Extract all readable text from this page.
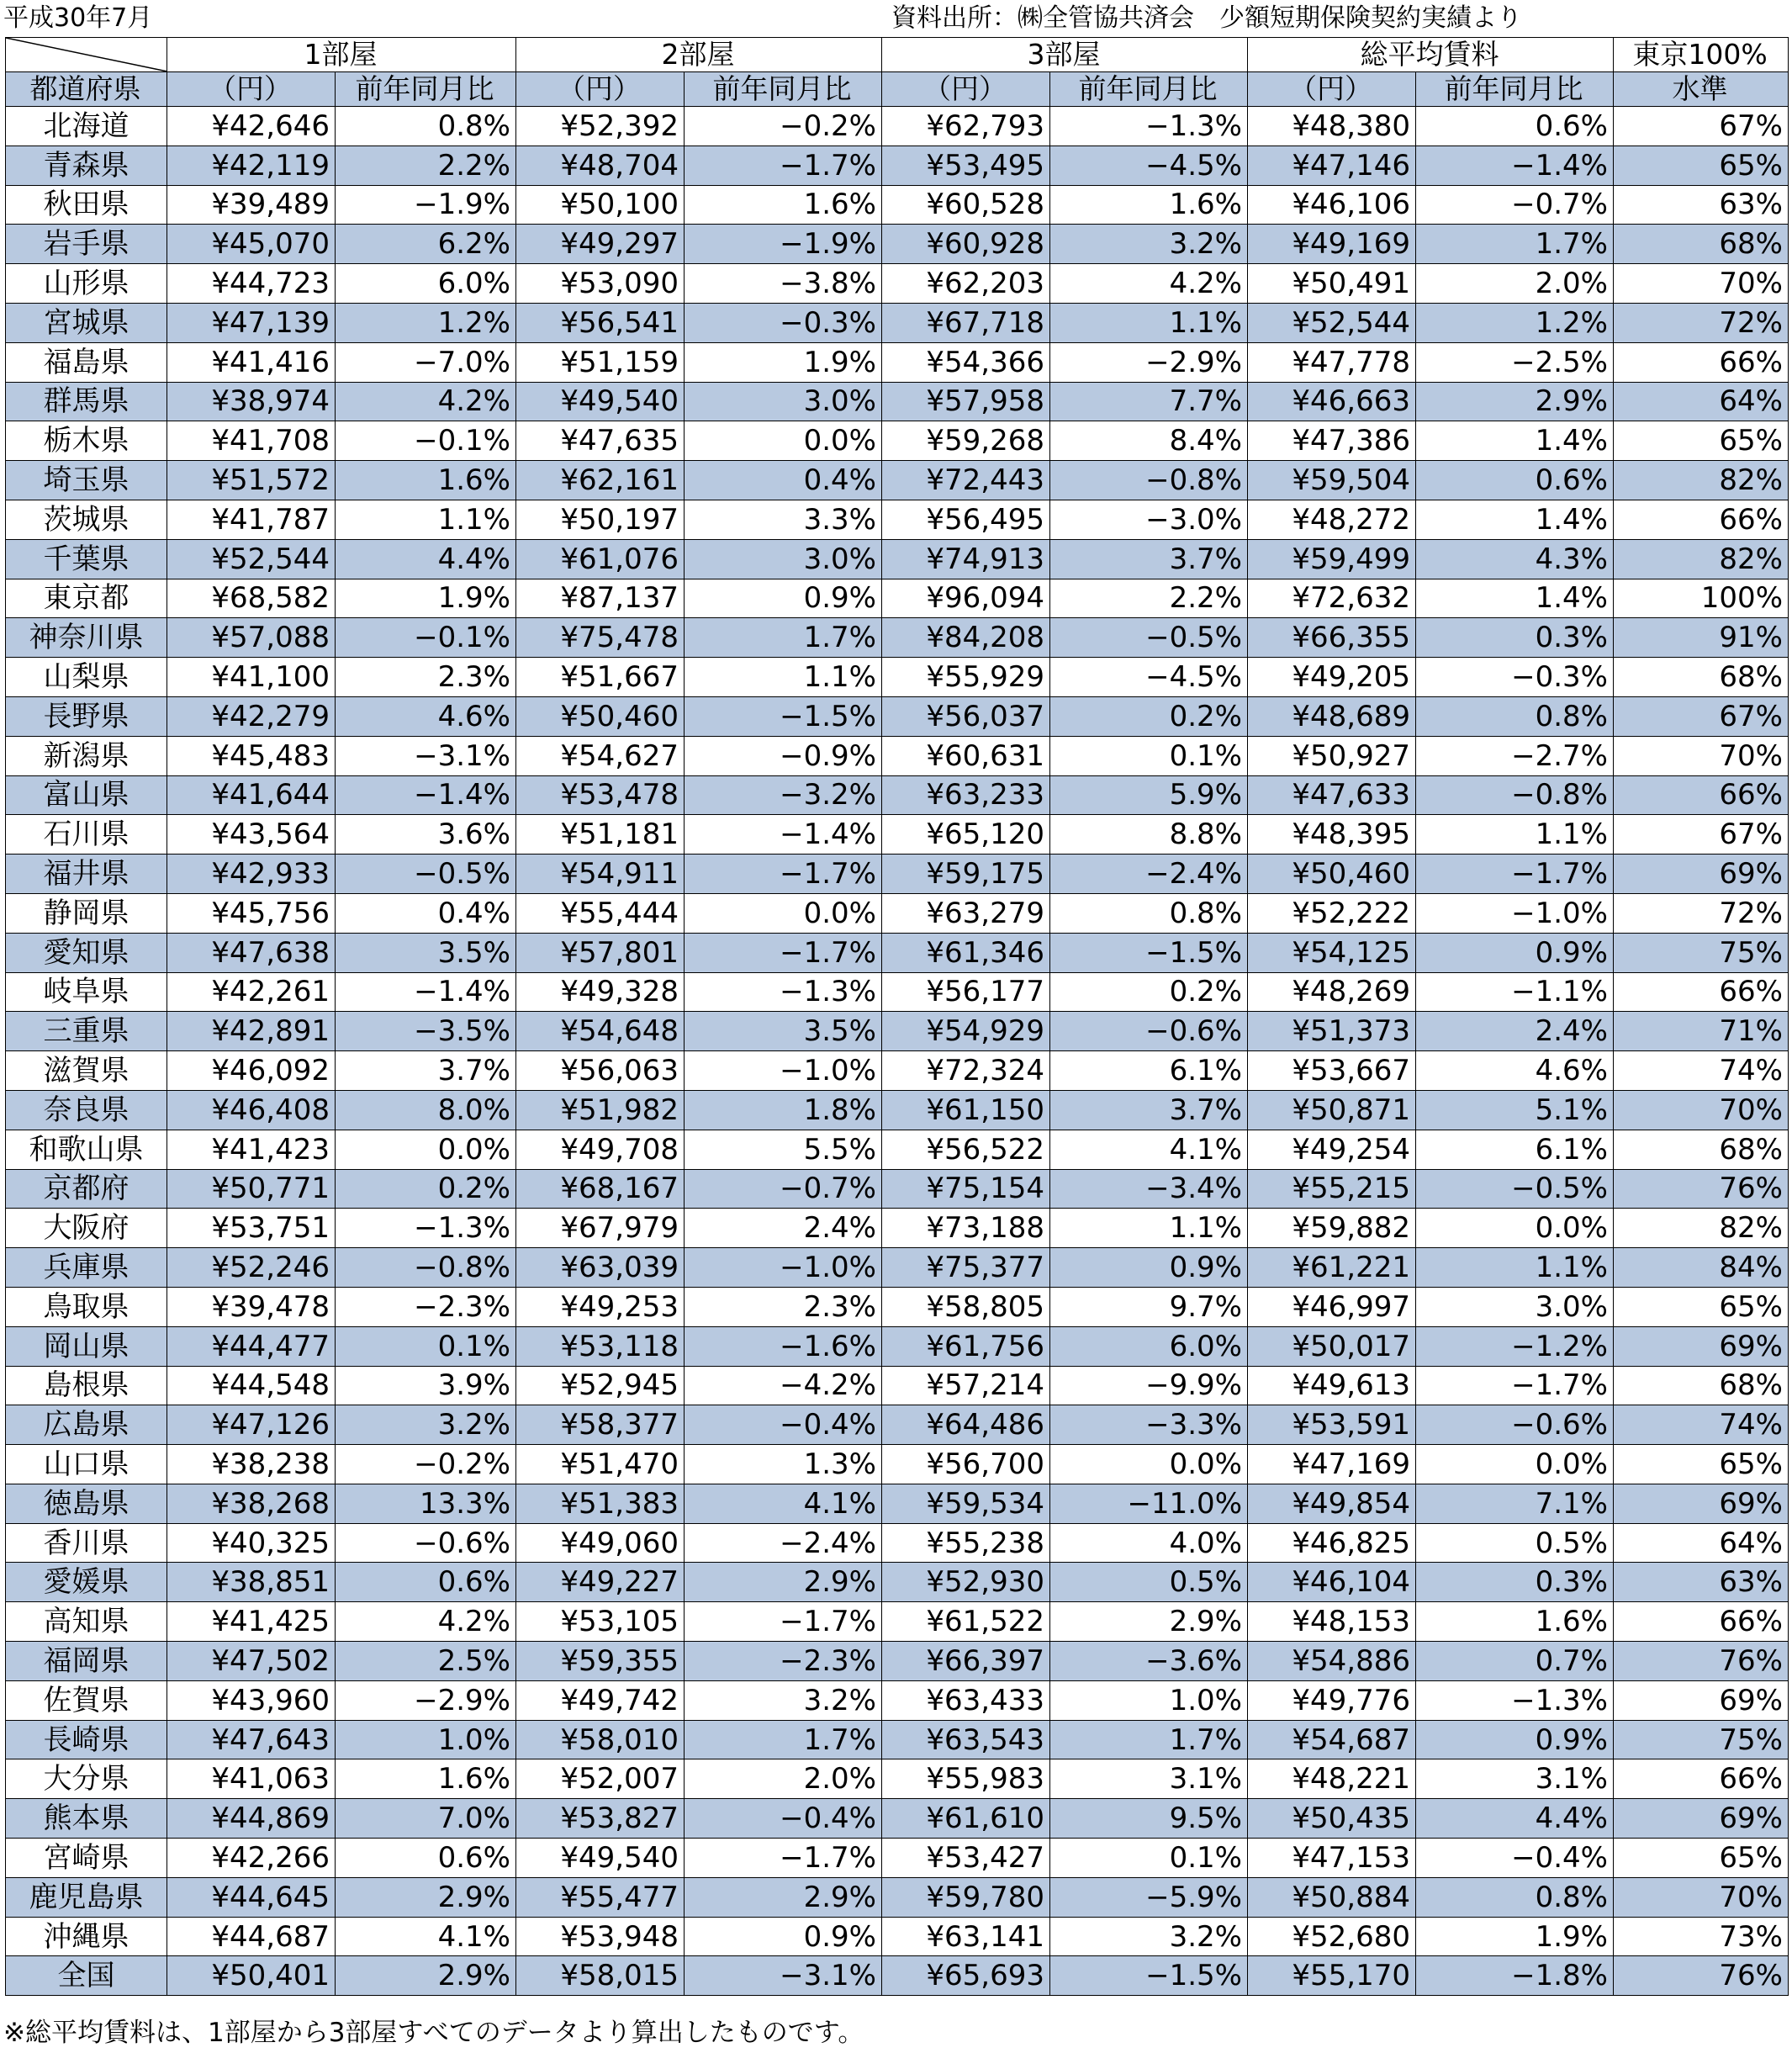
平成30年7月	資料出所：㈱全管協共済会　少額短期保険契約実績より
	1部屋		2部屋		3部屋		総平均賃料		東京100%
都道府県	（円）	前年同月比	（円）	前年同月比	（円）	前年同月比	（円）	前年同月比	水準
北海道	¥42,646	0.8%	¥52,392	−0.2%	¥62,793	−1.3%	¥48,380	0.6%	67%
青森県	¥42,119	2.2%	¥48,704	−1.7%	¥53,495	−4.5%	¥47,146	−1.4%	65%
秋田県	¥39,489	−1.9%	¥50,100	1.6%	¥60,528	1.6%	¥46,106	−0.7%	63%
岩手県	¥45,070	6.2%	¥49,297	−1.9%	¥60,928	3.2%	¥49,169	1.7%	68%
山形県	¥44,723	6.0%	¥53,090	−3.8%	¥62,203	4.2%	¥50,491	2.0%	70%
宮城県	¥47,139	1.2%	¥56,541	−0.3%	¥67,718	1.1%	¥52,544	1.2%	72%
福島県	¥41,416	−7.0%	¥51,159	1.9%	¥54,366	−2.9%	¥47,778	−2.5%	66%
群馬県	¥38,974	4.2%	¥49,540	3.0%	¥57,958	7.7%	¥46,663	2.9%	64%
栃木県	¥41,708	−0.1%	¥47,635	0.0%	¥59,268	8.4%	¥47,386	1.4%	65%
埼玉県	¥51,572	1.6%	¥62,161	0.4%	¥72,443	−0.8%	¥59,504	0.6%	82%
茨城県	¥41,787	1.1%	¥50,197	3.3%	¥56,495	−3.0%	¥48,272	1.4%	66%
千葉県	¥52,544	4.4%	¥61,076	3.0%	¥74,913	3.7%	¥59,499	4.3%	82%
東京都	¥68,582	1.9%	¥87,137	0.9%	¥96,094	2.2%	¥72,632	1.4%	100%
神奈川県	¥57,088	−0.1%	¥75,478	1.7%	¥84,208	−0.5%	¥66,355	0.3%	91%
山梨県	¥41,100	2.3%	¥51,667	1.1%	¥55,929	−4.5%	¥49,205	−0.3%	68%
長野県	¥42,279	4.6%	¥50,460	−1.5%	¥56,037	0.2%	¥48,689	0.8%	67%
新潟県	¥45,483	−3.1%	¥54,627	−0.9%	¥60,631	0.1%	¥50,927	−2.7%	70%
富山県	¥41,644	−1.4%	¥53,478	−3.2%	¥63,233	5.9%	¥47,633	−0.8%	66%
石川県	¥43,564	3.6%	¥51,181	−1.4%	¥65,120	8.8%	¥48,395	1.1%	67%
福井県	¥42,933	−0.5%	¥54,911	−1.7%	¥59,175	−2.4%	¥50,460	−1.7%	69%
静岡県	¥45,756	0.4%	¥55,444	0.0%	¥63,279	0.8%	¥52,222	−1.0%	72%
愛知県	¥47,638	3.5%	¥57,801	−1.7%	¥61,346	−1.5%	¥54,125	0.9%	75%
岐阜県	¥42,261	−1.4%	¥49,328	−1.3%	¥56,177	0.2%	¥48,269	−1.1%	66%
三重県	¥42,891	−3.5%	¥54,648	3.5%	¥54,929	−0.6%	¥51,373	2.4%	71%
滋賀県	¥46,092	3.7%	¥56,063	−1.0%	¥72,324	6.1%	¥53,667	4.6%	74%
奈良県	¥46,408	8.0%	¥51,982	1.8%	¥61,150	3.7%	¥50,871	5.1%	70%
和歌山県	¥41,423	0.0%	¥49,708	5.5%	¥56,522	4.1%	¥49,254	6.1%	68%
京都府	¥50,771	0.2%	¥68,167	−0.7%	¥75,154	−3.4%	¥55,215	−0.5%	76%
大阪府	¥53,751	−1.3%	¥67,979	2.4%	¥73,188	1.1%	¥59,882	0.0%	82%
兵庫県	¥52,246	−0.8%	¥63,039	−1.0%	¥75,377	0.9%	¥61,221	1.1%	84%
鳥取県	¥39,478	−2.3%	¥49,253	2.3%	¥58,805	9.7%	¥46,997	3.0%	65%
岡山県	¥44,477	0.1%	¥53,118	−1.6%	¥61,756	6.0%	¥50,017	−1.2%	69%
島根県	¥44,548	3.9%	¥52,945	−4.2%	¥57,214	−9.9%	¥49,613	−1.7%	68%
広島県	¥47,126	3.2%	¥58,377	−0.4%	¥64,486	−3.3%	¥53,591	−0.6%	74%
山口県	¥38,238	−0.2%	¥51,470	1.3%	¥56,700	0.0%	¥47,169	0.0%	65%
徳島県	¥38,268	13.3%	¥51,383	4.1%	¥59,534	−11.0%	¥49,854	7.1%	69%
香川県	¥40,325	−0.6%	¥49,060	−2.4%	¥55,238	4.0%	¥46,825	0.5%	64%
愛媛県	¥38,851	0.6%	¥49,227	2.9%	¥52,930	0.5%	¥46,104	0.3%	63%
高知県	¥41,425	4.2%	¥53,105	−1.7%	¥61,522	2.9%	¥48,153	1.6%	66%
福岡県	¥47,502	2.5%	¥59,355	−2.3%	¥66,397	−3.6%	¥54,886	0.7%	76%
佐賀県	¥43,960	−2.9%	¥49,742	3.2%	¥63,433	1.0%	¥49,776	−1.3%	69%
長崎県	¥47,643	1.0%	¥58,010	1.7%	¥63,543	1.7%	¥54,687	0.9%	75%
大分県	¥41,063	1.6%	¥52,007	2.0%	¥55,983	3.1%	¥48,221	3.1%	66%
熊本県	¥44,869	7.0%	¥53,827	−0.4%	¥61,610	9.5%	¥50,435	4.4%	69%
宮崎県	¥42,266	0.6%	¥49,540	−1.7%	¥53,427	0.1%	¥47,153	−0.4%	65%
鹿児島県	¥44,645	2.9%	¥55,477	2.9%	¥59,780	−5.9%	¥50,884	0.8%	70%
沖縄県	¥44,687	4.1%	¥53,948	0.9%	¥63,141	3.2%	¥52,680	1.9%	73%
全国	¥50,401	2.9%	¥58,015	−3.1%	¥65,693	−1.5%	¥55,170	−1.8%	76%
※総平均賃料は、1部屋から3部屋すべてのデータより算出したものです。
